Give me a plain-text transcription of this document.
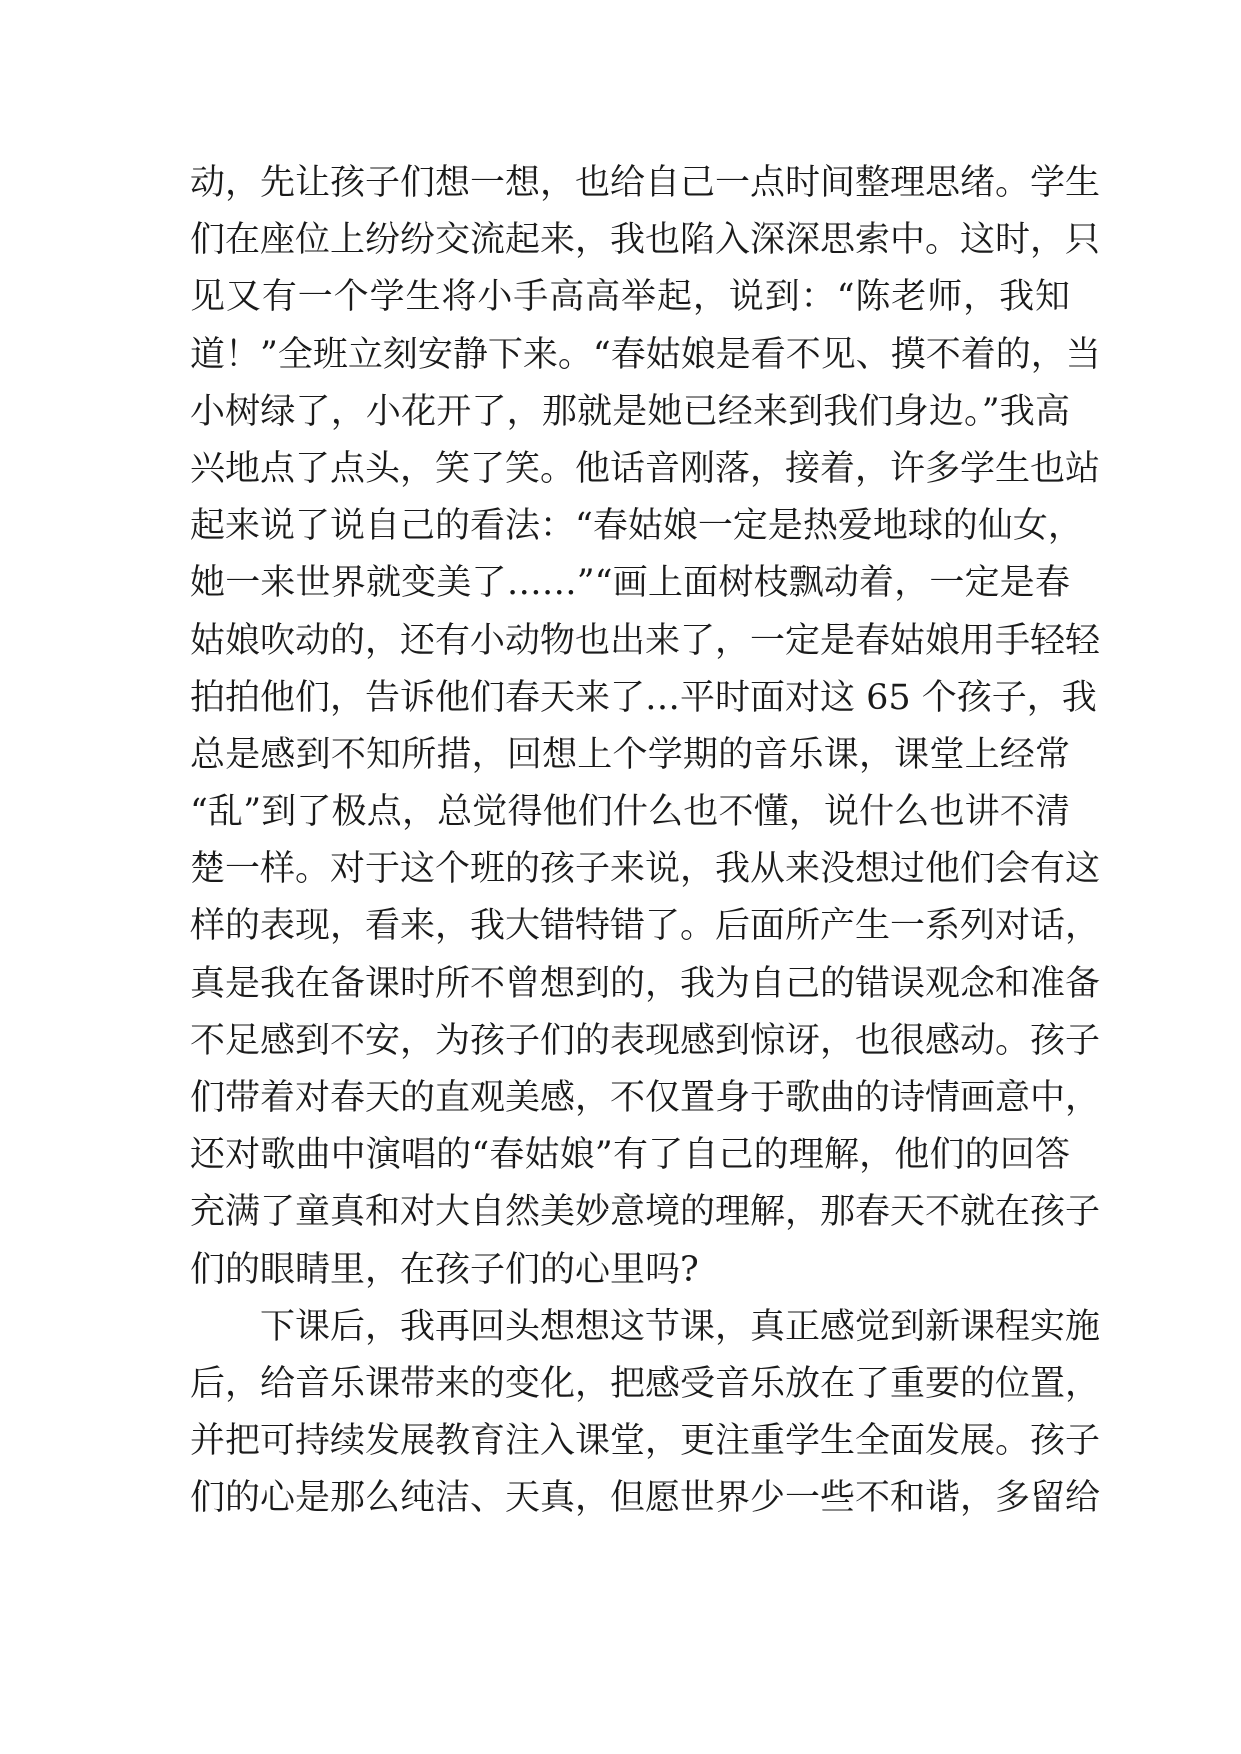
动，先让孩子们想一想，也给自己一点时间整理思绪。学生
们在座位上纷纷交流起来，我也陷入深深思索中。这时，只
见又有一个学生将小手高高举起，说到：“陈老师，我知
道！”全班立刻安静下来。“春姑娘是看不见、摸不着的，当
小树绿了，小花开了，那就是她已经来到我们身边。”我高
兴地点了点头，笑了笑。他话音刚落，接着，许多学生也站
起来说了说自己的看法：“春姑娘一定是热爱地球的仙女，
她一来世界就变美了……”“画上面树枝飘动着，一定是春
姑娘吹动的，还有小动物也出来了，一定是春姑娘用手轻轻
拍拍他们，告诉他们春天来了…平时面对这 65 个孩子，我
总是感到不知所措，回想上个学期的音乐课，课堂上经常
“乱”到了极点，总觉得他们什么也不懂，说什么也讲不清
楚一样。对于这个班的孩子来说，我从来没想过他们会有这
样的表现，看来，我大错特错了。后面所产生一系列对话，
真是我在备课时所不曾想到的，我为自己的错误观念和准备
不足感到不安，为孩子们的表现感到惊讶，也很感动。孩子
们带着对春天的直观美感，不仅置身于歌曲的诗情画意中，
还对歌曲中演唱的“春姑娘”有了自己的理解，他们的回答
充满了童真和对大自然美妙意境的理解，那春天不就在孩子
们的眼睛里，在孩子们的心里吗?
下课后，我再回头想想这节课，真正感觉到新课程实施
后，给音乐课带来的变化，把感受音乐放在了重要的位置，
并把可持续发展教育注入课堂，更注重学生全面发展。孩子
们的心是那么纯洁、天真，但愿世界少一些不和谐，多留给
